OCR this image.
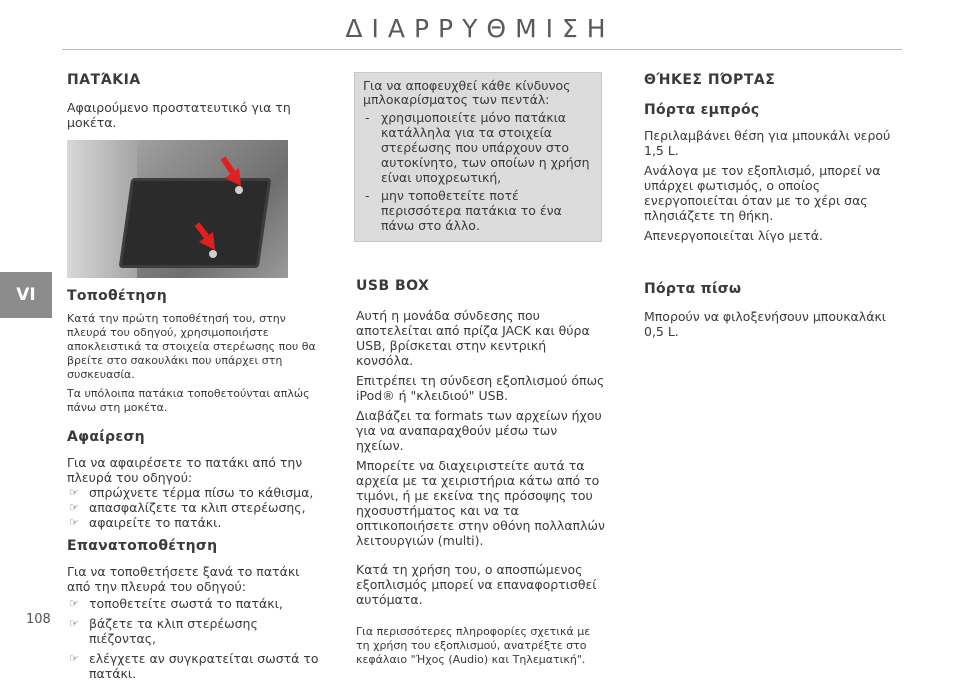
ΔΙΑΡΡΥΘΜΙΣΗ
VI
108
ΠΑΤΆΚΙΑ

Αφαιρούμενο προστατευτικό για τη μοκέτα.

Τοποθέτηση

Κατά την πρώτη τοποθέτησή του, στην πλευρά του οδηγού, χρησιμοποιήστε αποκλειστικά τα στοιχεία στερέωσης που θα βρείτε στο σακουλάκι που υπάρχει στη συσκευασία.

Τα υπόλοιπα πατάκια τοποθετούνται απλώς πάνω στη μοκέτα.

Αφαίρεση

Για να αφαιρέσετε το πατάκι από την πλευρά του οδηγού:

☞ σπρώχνετε τέρμα πίσω το κάθισμα,
☞ απασφαλίζετε τα κλιπ στερέωσης,
☞ αφαιρείτε το πατάκι.
Επανατοποθέτηση

Για να τοποθετήσετε ξανά το πατάκι από την πλευρά του οδηγού:

☞ τοποθετείτε σωστά το πατάκι,
☞ βάζετε τα κλιπ στερέωσης πιέζοντας,
☞ ελέγχετε αν συγκρατείται σωστά το πατάκι.

Για να αποφευχθεί κάθε κίνδυνος μπλοκαρίσματος των πεντάλ:

- χρησιμοποιείτε μόνο πατάκια κατάλληλα για τα στοιχεία στερέωσης που υπάρχουν στο αυτοκίνητο, των οποίων η χρήση είναι υποχρεωτική,
- μην τοποθετείτε ποτέ περισσότερα πατάκια το ένα πάνω στο άλλο.
USB BOX

Αυτή η μονάδα σύνδεσης που αποτελείται από πρίζα JACK και θύρα USB, βρίσκεται στην κεντρική κονσόλα.

Επιτρέπει τη σύνδεση εξοπλισμού όπως iPod® ή "κλειδιού" USB.

Διαβάζει τα formats των αρχείων ήχου για να αναπαραχθούν μέσω των ηχείων.

Μπορείτε να διαχειριστείτε αυτά τα αρχεία με τα χειριστήρια κάτω από το τιμόνι, ή με εκείνα της πρόσοψης του ηχοσυστήματος και να τα οπτικοποιήσετε στην οθόνη πολλαπλών λειτουργιών (multi).

Κατά τη χρήση του, ο αποσπώμενος εξοπλισμός μπορεί να επαναφορτισθεί αυτόματα.

Για περισσότερες πληροφορίες σχετικά με τη χρήση του εξοπλισμού, ανατρέξτε στο κεφάλαιο "Ήχος (Audio) και Τηλεματική".

ΘΉΚΕΣ ΠΌΡΤΑΣ
Πόρτα εμπρός

Περιλαμβάνει θέση για μπουκάλι νερού 1,5 L.

Ανάλογα με τον εξοπλισμό, μπορεί να υπάρχει φωτισμός, ο οποίος ενεργοποιείται όταν με το χέρι σας πλησιάζετε τη θήκη.

Απενεργοποιείται λίγο μετά.

Πόρτα πίσω

Μπορούν να φιλοξενήσουν μπουκαλάκι 0,5 L.
